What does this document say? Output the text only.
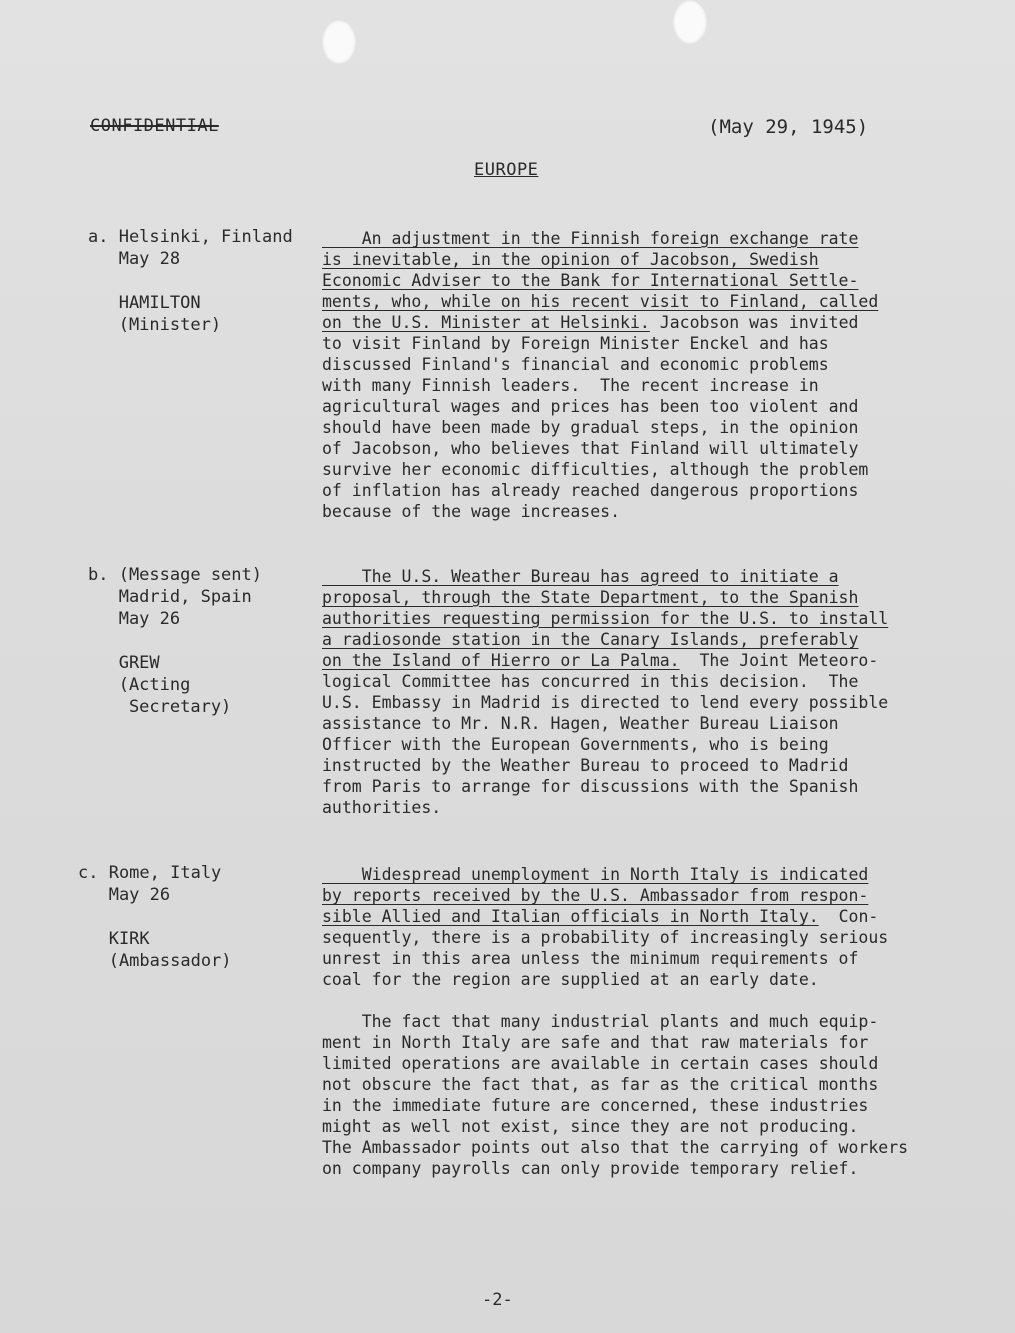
CONFIDENTIAL	(May 29, 1945)
EUROPE
a. Helsinki, Finland
May 28
HAMILTON
(Minister)
An adjustment in the Finnish foreign exchange rate
is inevitable, in the opinion of Jacobson, Swedish
Economic Adviser to the Bank for International Settle-
ments, who, while on his recent visit to Finland, called
on the U.S. Minister at Helsinki. Jacobson was invited
to visit Finland by Foreign Minister Enckel and has
discussed Finland's financial and economic problems
with many Finnish leaders.  The recent increase in
agricultural wages and prices has been too violent and
should have been made by gradual steps, in the opinion
of Jacobson, who believes that Finland will ultimately
survive her economic difficulties, although the problem
of inflation has already reached dangerous proportions
because of the wage increases.
b. (Message sent)
Madrid, Spain
May 26
GREW
(Acting
Secretary)
The U.S. Weather Bureau has agreed to initiate a
proposal, through the State Department, to the Spanish
authorities requesting permission for the U.S. to install
a radiosonde station in the Canary Islands, preferably
on the Island of Hierro or La Palma.  The Joint Meteoro-
logical Committee has concurred in this decision.  The
U.S. Embassy in Madrid is directed to lend every possible
assistance to Mr. N.R. Hagen, Weather Bureau Liaison
Officer with the European Governments, who is being
instructed by the Weather Bureau to proceed to Madrid
from Paris to arrange for discussions with the Spanish
authorities.
c. Rome, Italy
May 26
KIRK
(Ambassador)
Widespread unemployment in North Italy is indicated
by reports received by the U.S. Ambassador from respon-
sible Allied and Italian officials in North Italy.  Con-
sequently, there is a probability of increasingly serious
unrest in this area unless the minimum requirements of
coal for the region are supplied at an early date.
The fact that many industrial plants and much equip-
ment in North Italy are safe and that raw materials for
limited operations are available in certain cases should
not obscure the fact that, as far as the critical months
in the immediate future are concerned, these industries
might as well not exist, since they are not producing.
The Ambassador points out also that the carrying of workers
on company payrolls can only provide temporary relief.
-2-
